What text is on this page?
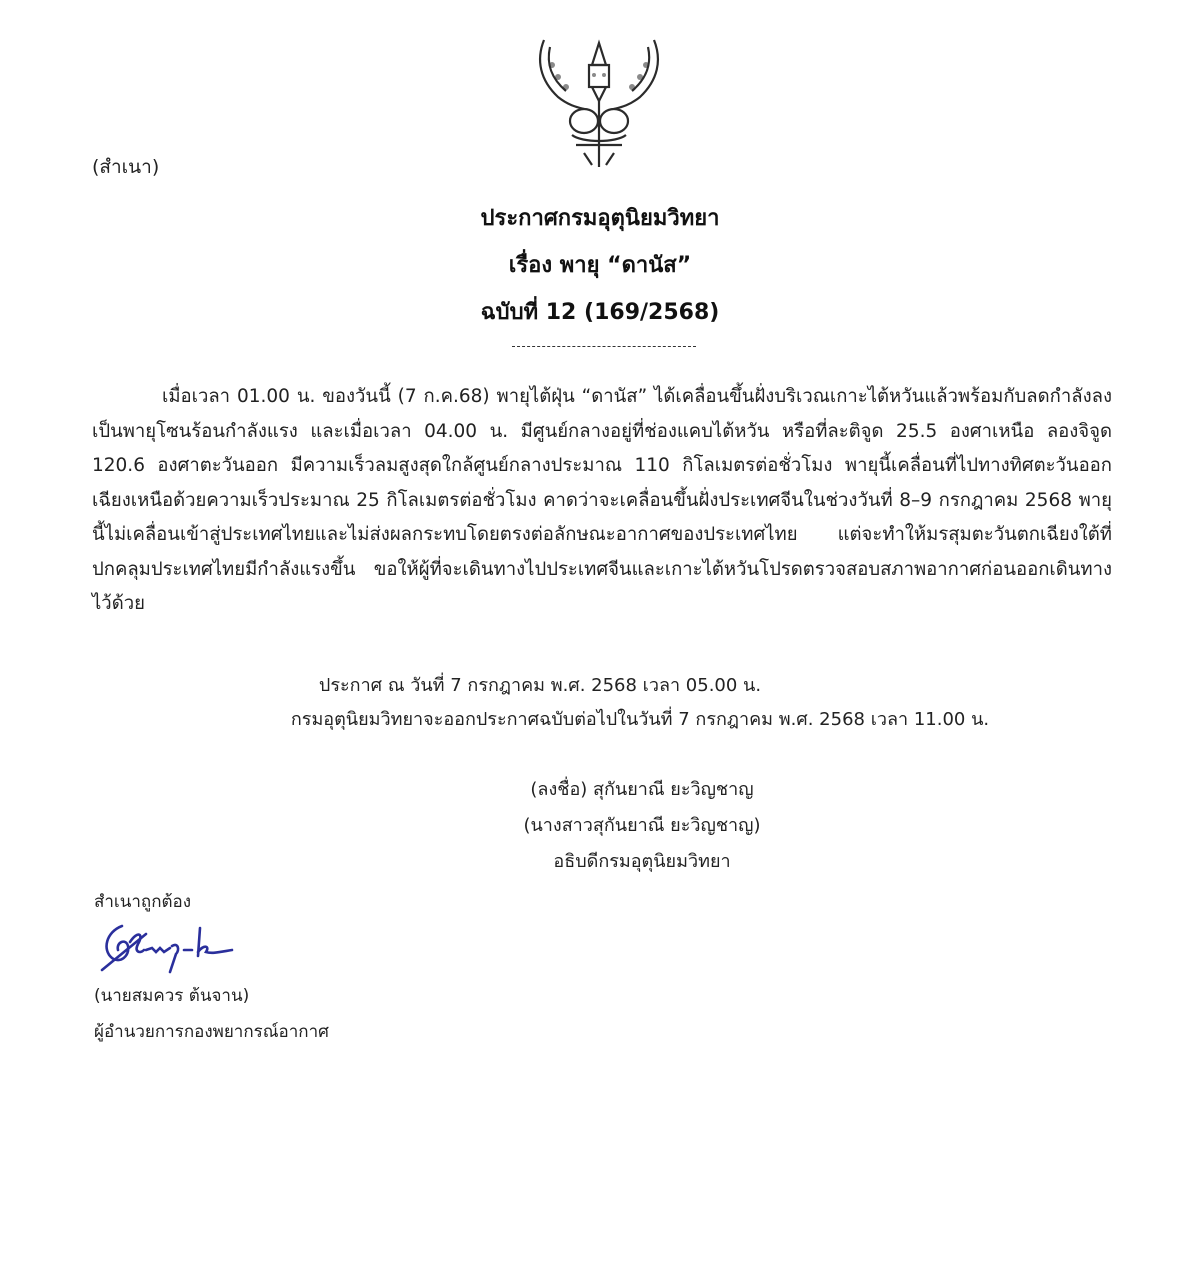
(สำเนา)
ประกาศกรมอุตุนิยมวิทยา
เรื่อง พายุ “ดานัส”
ฉบับที่ 12 (169/2568)
เมื่อเวลา 01.00 น. ของวันนี้ (7 ก.ค.68) พายุไต้ฝุ่น “ดานัส” ได้เคลื่อนขึ้นฝั่งบริเวณเกาะไต้หวันแล้วพร้อมกับลดกำลังลงเป็นพายุโซนร้อนกำลังแรง และเมื่อเวลา 04.00 น. มีศูนย์กลางอยู่ที่ช่องแคบไต้หวัน หรือที่ละติจูด 25.5 องศาเหนือ ลองจิจูด 120.6 องศาตะวันออก มีความเร็วลมสูงสุดใกล้ศูนย์กลางประมาณ 110 กิโลเมตรต่อชั่วโมง พายุนี้เคลื่อนที่ไปทางทิศตะวันออกเฉียงเหนือด้วยความเร็วประมาณ 25 กิโลเมตรต่อชั่วโมง คาดว่าจะเคลื่อนขึ้นฝั่งประเทศจีนในช่วงวันที่ 8–9 กรกฎาคม 2568 พายุนี้ไม่เคลื่อนเข้าสู่ประเทศไทยและไม่ส่งผลกระทบโดยตรงต่อลักษณะอากาศของประเทศไทย แต่จะทำให้มรสุมตะวันตกเฉียงใต้ที่ปกคลุมประเทศไทยมีกำลังแรงขึ้น ขอให้ผู้ที่จะเดินทางไปประเทศจีนและเกาะไต้หวันโปรดตรวจสอบสภาพอากาศก่อนออกเดินทางไว้ด้วย
ประกาศ ณ วันที่ 7 กรกฎาคม พ.ศ. 2568 เวลา 05.00 น.
กรมอุตุนิยมวิทยาจะออกประกาศฉบับต่อไปในวันที่ 7 กรกฎาคม พ.ศ. 2568 เวลา 11.00 น.
(ลงชื่อ) สุกันยาณี ยะวิญชาญ
(นางสาวสุกันยาณี ยะวิญชาญ)
อธิบดีกรมอุตุนิยมวิทยา
สำเนาถูกต้อง
(นายสมควร ต้นจาน)
ผู้อำนวยการกองพยากรณ์อากาศ
